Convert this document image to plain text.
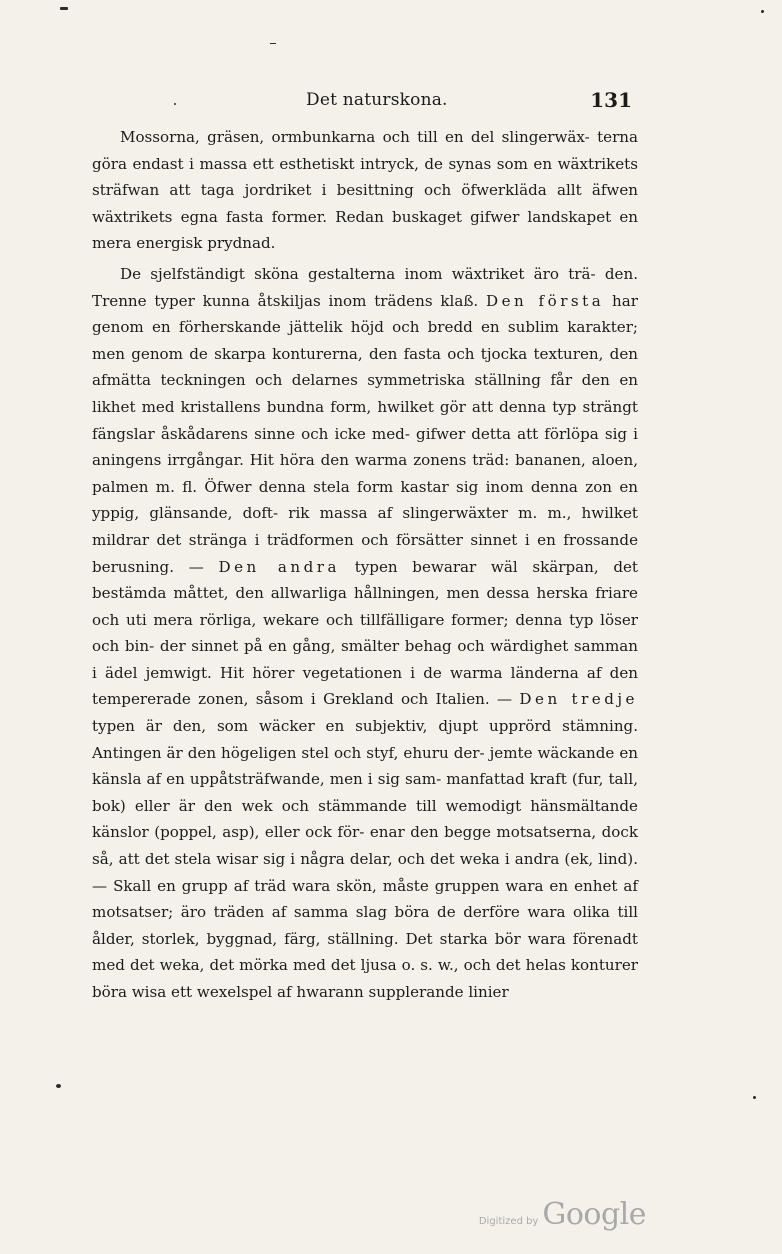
Det naturskona.	131

Mossorna, gräsen, ormbunkarna och till en del slingerwäx- terna göra endast i massa ett esthetiskt intryck, de synas som en wäxtrikets sträfwan att taga jordriket i besittning och öfwerkläda allt äfwen wäxtrikets egna fasta former. Redan buskaget gifwer landskapet en mera energisk prydnad.

De sjelfständigt sköna gestalterna inom wäxtriket äro trä- den. Trenne typer kunna åtskiljas inom trädens klaß. Den första har genom en förherskande jättelik höjd och bredd en sublim karakter; men genom de skarpa konturerna, den fasta och tjocka texturen, den afmätta teckningen och delarnes symmetriska ställning får den en likhet med kristallens bundna form, hwilket gör att denna typ strängt fängslar åskådarens sinne och icke med- gifwer detta att förlöpa sig i aningens irrgångar. Hit höra den warma zonens träd: bananen, aloen, palmen m. fl. Öfwer denna stela form kastar sig inom denna zon en yppig, glänsande, doft- rik massa af slingerwäxter m. m., hwilket mildrar det stränga i trädformen och försätter sinnet i en frossande berusning. — Den andra typen bewarar wäl skärpan, det bestämda måttet, den allwarliga hållningen, men dessa herska friare och uti mera rörliga, wekare och tillfälligare former; denna typ löser och bin- der sinnet på en gång, smälter behag och wärdighet samman i ädel jemwigt. Hit hörer vegetationen i de warma länderna af den tempererade zonen, såsom i Grekland och Italien. — Den tredje typen är den, som wäcker en subjektiv, djupt upprörd stämning. Antingen är den högeligen stel och styf, ehuru der- jemte wäckande en känsla af en uppåtsträfwande, men i sig sam- manfattad kraft (fur, tall, bok) eller är den wek och stämmande till wemodigt hänsmältande känslor (poppel, asp), eller ock för- enar den begge motsatserna, dock så, att det stela wisar sig i några delar, och det weka i andra (ek, lind). — Skall en grupp af träd wara skön, måste gruppen wara en enhet af motsatser; äro träden af samma slag böra de derföre wara olika till ålder, storlek, byggnad, färg, ställning. Det starka bör wara förenadt med det weka, det mörka med det ljusa o. s. w., och det helas konturer böra wisa ett wexelspel af hwarann supplerande linier

Digitized by Google
